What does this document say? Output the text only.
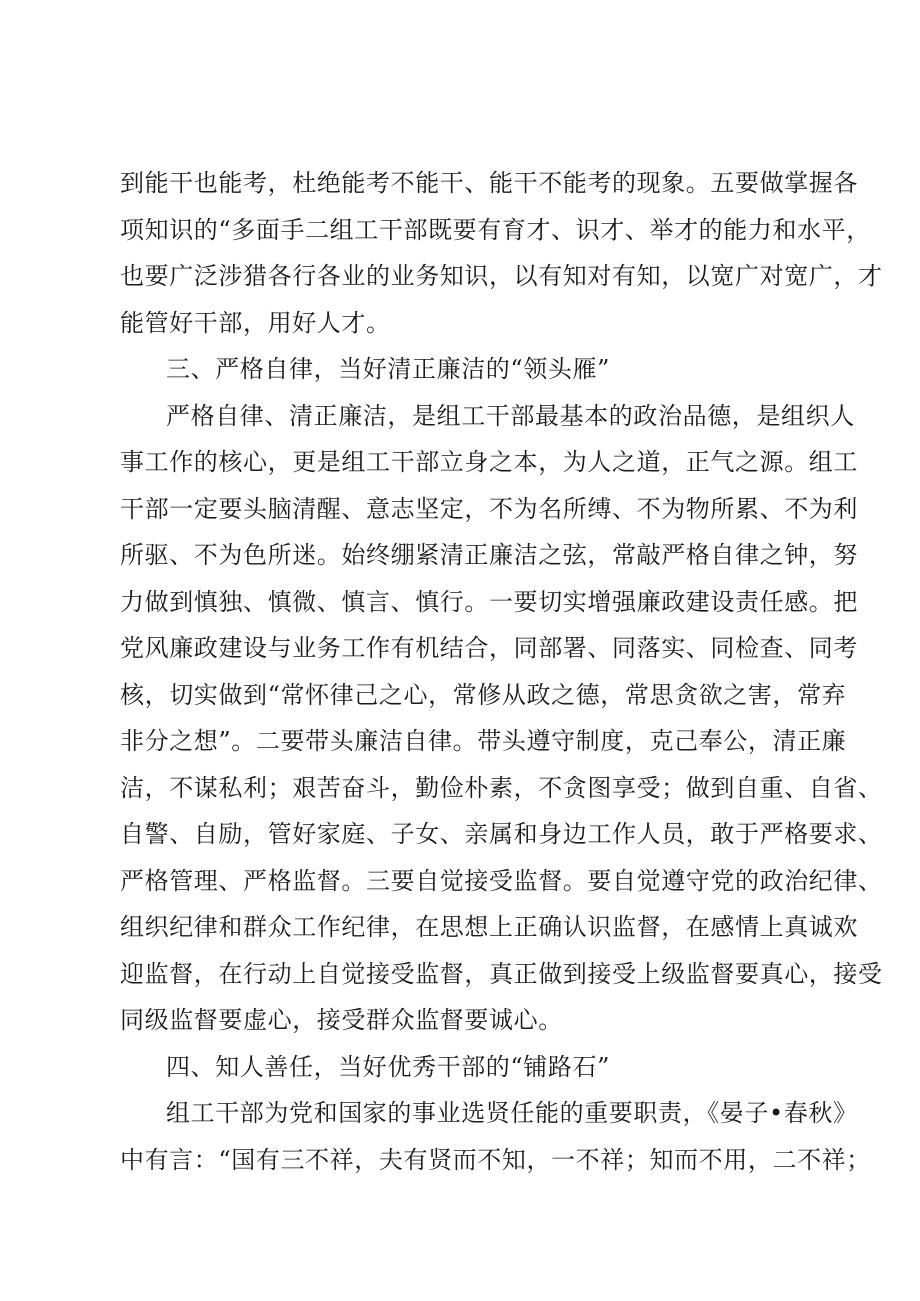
到能干也能考，杜绝能考不能干、能干不能考的现象。五要做掌握各
项知识的“多面手二组工干部既要有育才、识才、举才的能力和水平，
也要广泛涉猎各行各业的业务知识，以有知对有知，以宽广对宽广，才
能管好干部，用好人才。
三、严格自律，当好清正廉洁的“领头雁”
严格自律、清正廉洁，是组工干部最基本的政治品德，是组织人
事工作的核心，更是组工干部立身之本，为人之道，正气之源。组工
干部一定要头脑清醒、意志坚定，不为名所缚、不为物所累、不为利
所驱、不为色所迷。始终绷紧清正廉洁之弦，常敲严格自律之钟，努
力做到慎独、慎微、慎言、慎行。一要切实增强廉政建设责任感。把
党风廉政建设与业务工作有机结合，同部署、同落实、同检查、同考
核，切实做到“常怀律己之心，常修从政之德，常思贪欲之害，常弃
非分之想”。二要带头廉洁自律。带头遵守制度，克己奉公，清正廉
洁，不谋私利；艰苦奋斗，勤俭朴素，不贪图享受；做到自重、自省、
自警、自励，管好家庭、子女、亲属和身边工作人员，敢于严格要求、
严格管理、严格监督。三要自觉接受监督。要自觉遵守党的政治纪律、
组织纪律和群众工作纪律，在思想上正确认识监督，在感情上真诚欢
迎监督，在行动上自觉接受监督，真正做到接受上级监督要真心，接受
同级监督要虚心，接受群众监督要诚心。
四、知人善任，当好优秀干部的“铺路石”
组工干部为党和国家的事业选贤任能的重要职责，《晏子•春秋》
中有言：“国有三不祥，夫有贤而不知，一不祥；知而不用，二不祥；
